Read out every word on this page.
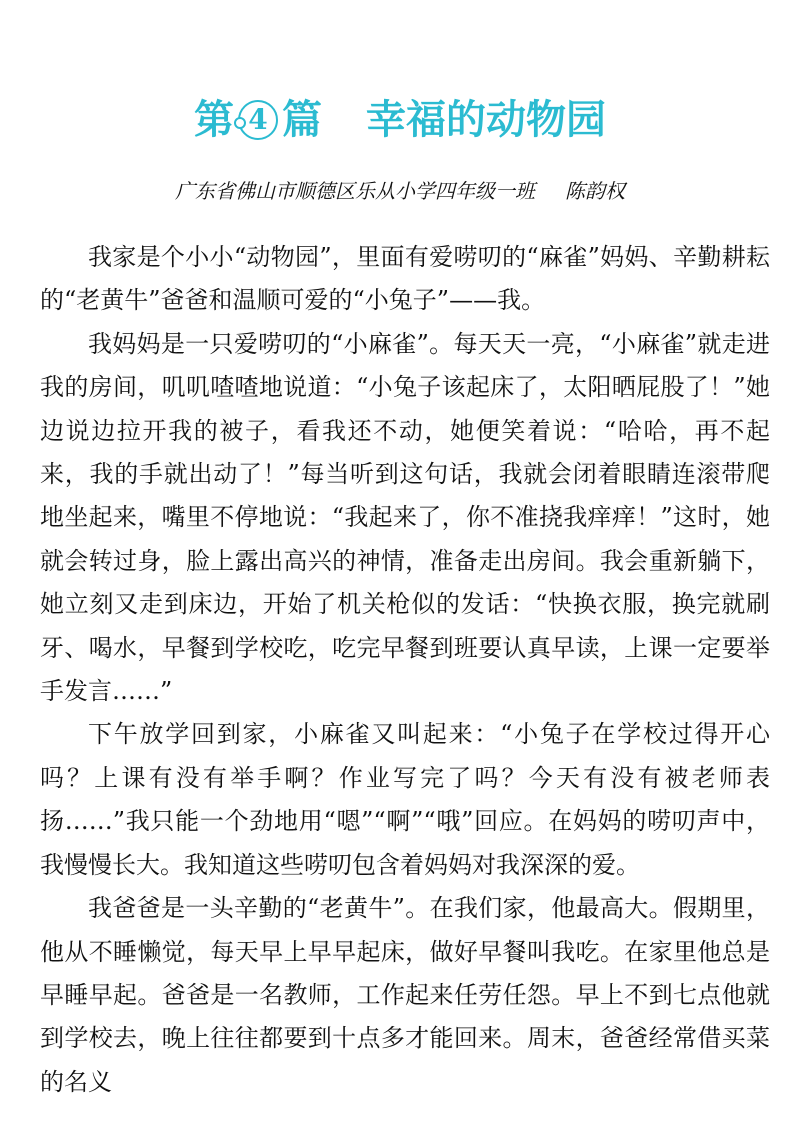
第 4 篇 幸福的动物园
广东省佛山市顺德区乐从小学四年级一班 陈韵权

我家是个小小“动物园”，里面有爱唠叨的“麻雀”妈妈、辛勤耕耘的“老黄牛”爸爸和温顺可爱的“小兔子”——我。

我妈妈是一只爱唠叨的“小麻雀”。每天天一亮，“小麻雀”就走进我的房间，叽叽喳喳地说道：“小兔子该起床了，太阳晒屁股了！”她边说边拉开我的被子，看我还不动，她便笑着说：“哈哈，再不起来，我的手就出动了！”每当听到这句话，我就会闭着眼睛连滚带爬地坐起来，嘴里不停地说：“我起来了，你不准挠我痒痒！”这时，她就会转过身，脸上露出高兴的神情，准备走出房间。我会重新躺下，她立刻又走到床边，开始了机关枪似的发话：“快换衣服，换完就刷牙、喝水，早餐到学校吃，吃完早餐到班要认真早读，上课一定要举手发言……”

下午放学回到家，小麻雀又叫起来：“小兔子在学校过得开心吗？上课有没有举手啊？作业写完了吗？今天有没有被老师表扬……”我只能一个劲地用“嗯”“啊”“哦”回应。在妈妈的唠叨声中，我慢慢长大。我知道这些唠叨包含着妈妈对我深深的爱。

我爸爸是一头辛勤的“老黄牛”。在我们家，他最高大。假期里，他从不睡懒觉，每天早上早早起床，做好早餐叫我吃。在家里他总是早睡早起。爸爸是一名教师，工作起来任劳任怨。早上不到七点他就到学校去，晚上往往都要到十点多才能回来。周末，爸爸经常借买菜的名义
